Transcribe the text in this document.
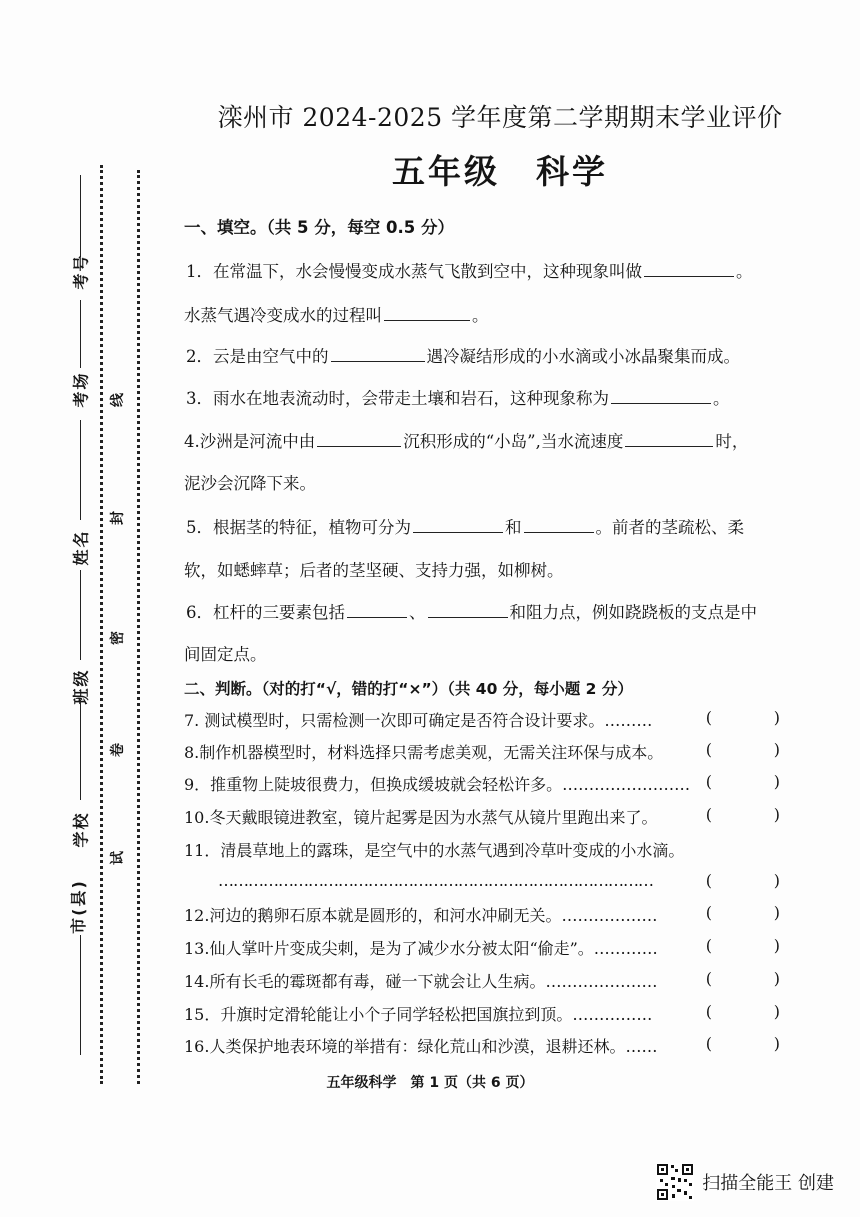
考号
考场
姓名
班级
学校
市(县)
线
封
密
卷
试
滦州市 2024-2025 学年度第二学期期末学业评价
五年级　科学
一、填空。（共 5 分，每空 0.5 分）
1．在常温下，水会慢慢变成水蒸气飞散到空中，这种现象叫做	。
水蒸气遇冷变成水的过程叫	。
2．云是由空气中的	遇冷凝结形成的小水滴或小冰晶聚集而成。
3．雨水在地表流动时，会带走土壤和岩石，这种现象称为	。
4.沙洲是河流中由	沉积形成的“小岛”,当水流速度	时，
泥沙会沉降下来。
5．根据茎的特征，植物可分为	和	。前者的茎疏松、柔
软，如蟋蟀草；后者的茎坚硬、支持力强，如柳树。
6．杠杆的三要素包括	、	和阻力点，例如跷跷板的支点是中
间固定点。
二、判断。（对的打“√，错的打“×”）（共 40 分，每小题 2 分）
7. 测试模型时，只需检测一次即可确定是否符合设计要求。………	(	)
8.制作机器模型时，材料选择只需考虑美观，无需关注环保与成本。	(	)
9．推重物上陡坡很费力，但换成缓坡就会轻松许多。…………………… (	)
10.冬天戴眼镜进教室，镜片起雾是因为水蒸气从镜片里跑出来了。	(	)
11．清晨草地上的露珠，是空气中的水蒸气遇到冷草叶变成的小水滴。
……………………………………………………………………………	(	)
12.河边的鹅卵石原本就是圆形的，和河水冲刷无关。………………	(	)
13.仙人掌叶片变成尖刺，是为了减少水分被太阳“偷走”。…………	(	)
14.所有长毛的霉斑都有毒，碰一下就会让人生病。…………………	(	)
15．升旗时定滑轮能让小个子同学轻松把国旗拉到顶。……………	(	)
16.人类保护地表环境的举措有：绿化荒山和沙漠，退耕还林。……	(	)
五年级科学　第 1 页（共 6 页）
扫描全能王 创建
